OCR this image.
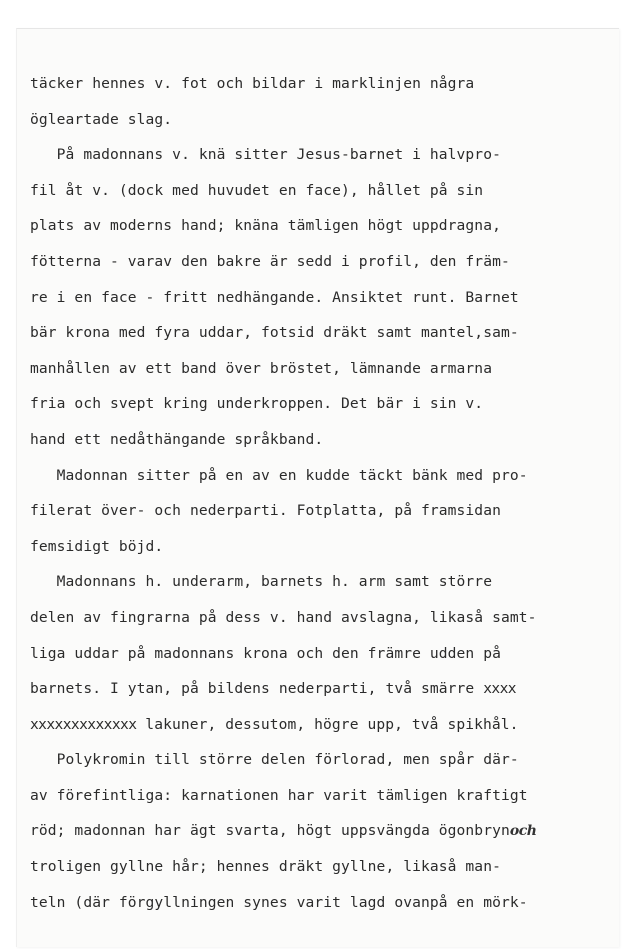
täcker hennes v. fot och bildar i marklinjen några
ögleartade slag.
På madonnans v. knä sitter Jesus-barnet i halvpro-
fil åt v. (dock med huvudet en face), hållet på sin
plats av moderns hand; knäna tämligen högt uppdragna,
fötterna - varav den bakre är sedd i profil, den främ-
re i en face - fritt nedhängande. Ansiktet runt. Barnet
bär krona med fyra uddar, fotsid dräkt samt mantel,sam-
manhållen av ett band över bröstet, lämnande armarna
fria och svept kring underkroppen. Det bär i sin v.
hand ett nedåthängande språkband.
Madonnan sitter på en av en kudde täckt bänk med pro-
filerat över- och nederparti. Fotplatta, på framsidan
femsidigt böjd.
Madonnans h. underarm, barnets h. arm samt större
delen av fingrarna på dess v. hand avslagna, likaså samt-
liga uddar på madonnans krona och den främre udden på
barnets. I ytan, på bildens nederparti, två smärre xxxx
xxxxxxxxxxxxx lakuner, dessutom, högre upp, två spikhål.
Polykromin till större delen förlorad, men spår där-
av förefintliga: karnationen har varit tämligen kraftigt
röd; madonnan har ägt svarta, högt uppsvängda ögonbrynoch
troligen gyllne hår; hennes dräkt gyllne, likaså man-
teln (där förgyllningen synes varit lagd ovanpå en mörk-
